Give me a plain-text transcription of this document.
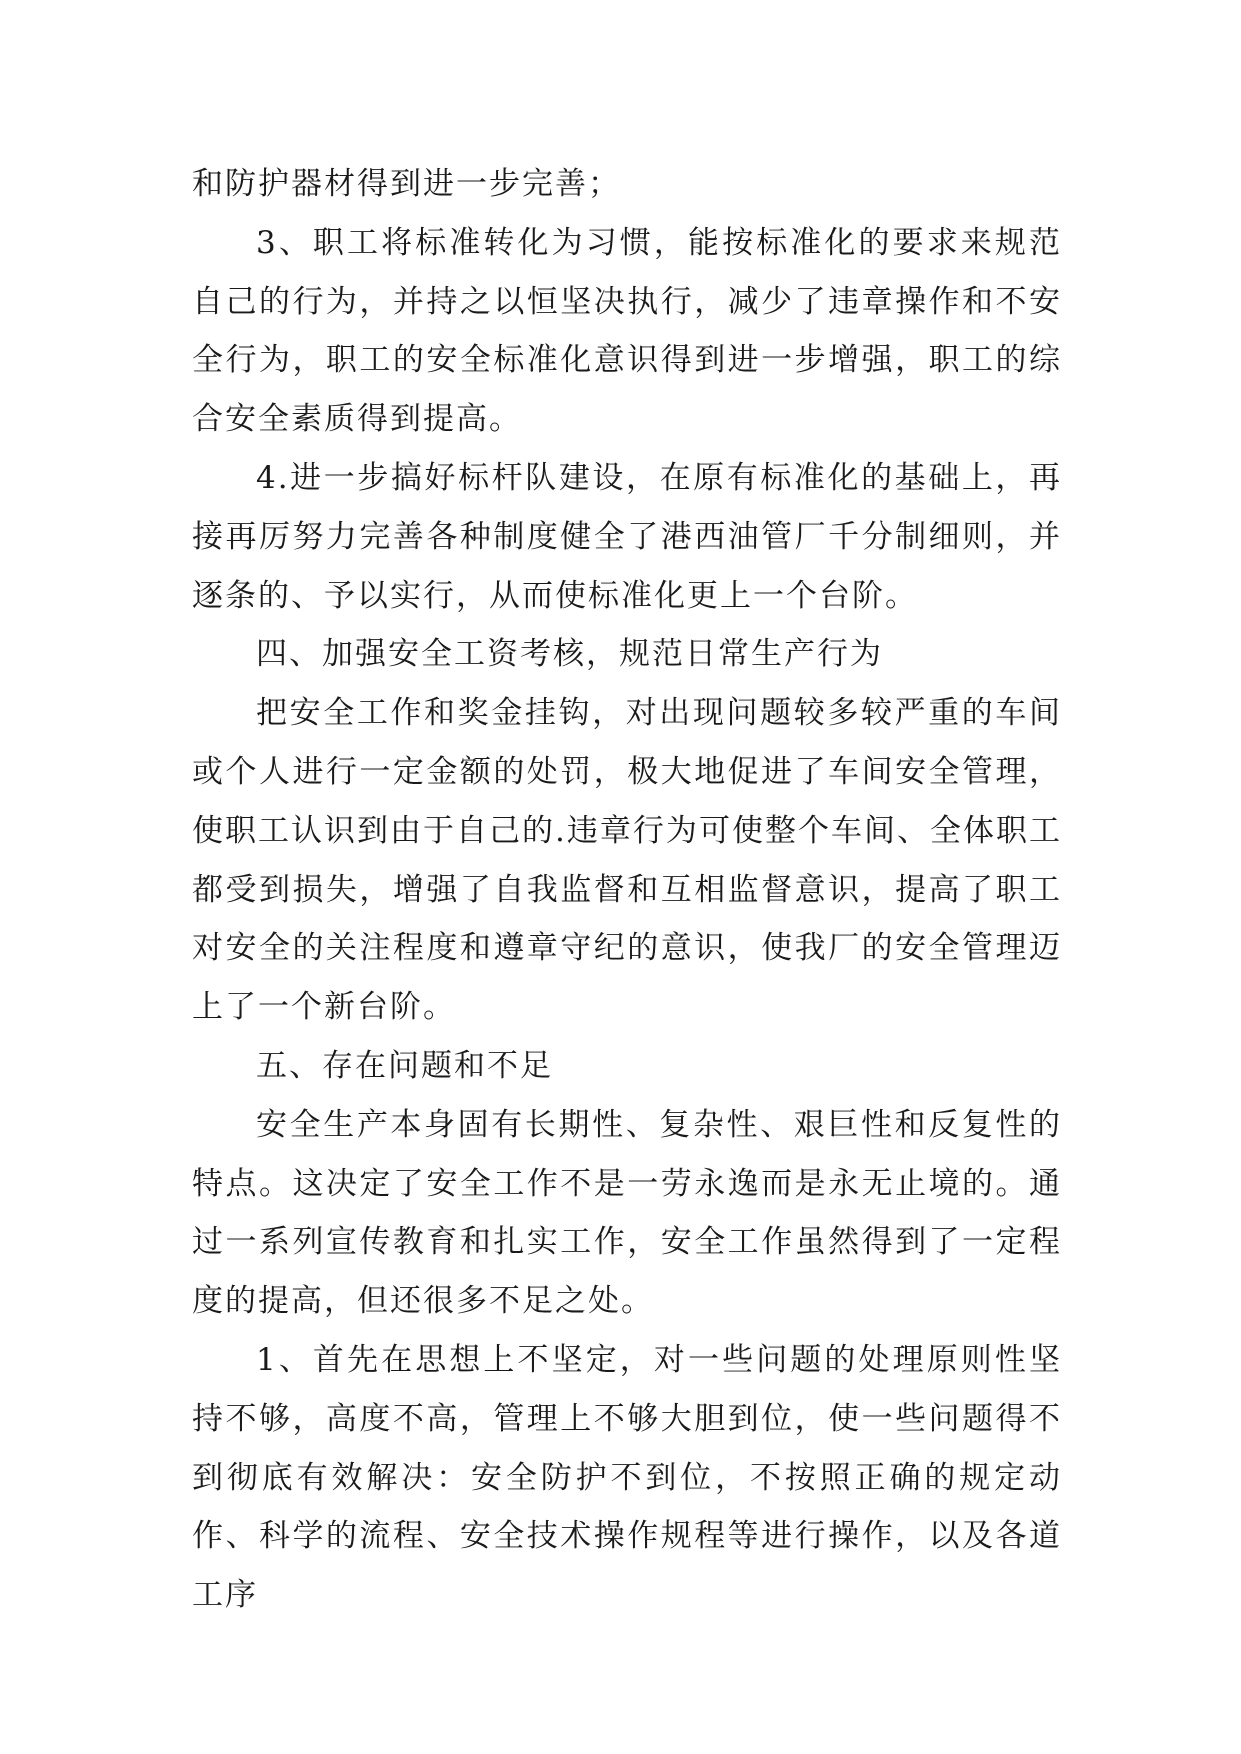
和防护器材得到进一步完善；

3、职工将标准转化为习惯，能按标准化的要求来规范自己的行为，并持之以恒坚决执行，减少了违章操作和不安全行为，职工的安全标准化意识得到进一步增强，职工的综合安全素质得到提高。

4.进一步搞好标杆队建设，在原有标准化的基础上，再接再厉努力完善各种制度健全了港西油管厂千分制细则，并逐条的、予以实行，从而使标准化更上一个台阶。

四、加强安全工资考核，规范日常生产行为

把安全工作和奖金挂钩，对出现问题较多较严重的车间或个人进行一定金额的处罚，极大地促进了车间安全管理，使职工认识到由于自己的.违章行为可使整个车间、全体职工都受到损失，增强了自我监督和互相监督意识，提高了职工对安全的关注程度和遵章守纪的意识，使我厂的安全管理迈上了一个新台阶。

五、存在问题和不足

安全生产本身固有长期性、复杂性、艰巨性和反复性的特点。这决定了安全工作不是一劳永逸而是永无止境的。通过一系列宣传教育和扎实工作，安全工作虽然得到了一定程度的提高，但还很多不足之处。

1、首先在思想上不坚定，对一些问题的处理原则性坚持不够，高度不高，管理上不够大胆到位，使一些问题得不到彻底有效解决：安全防护不到位，不按照正确的规定动作、科学的流程、安全技术操作规程等进行操作，以及各道工序
